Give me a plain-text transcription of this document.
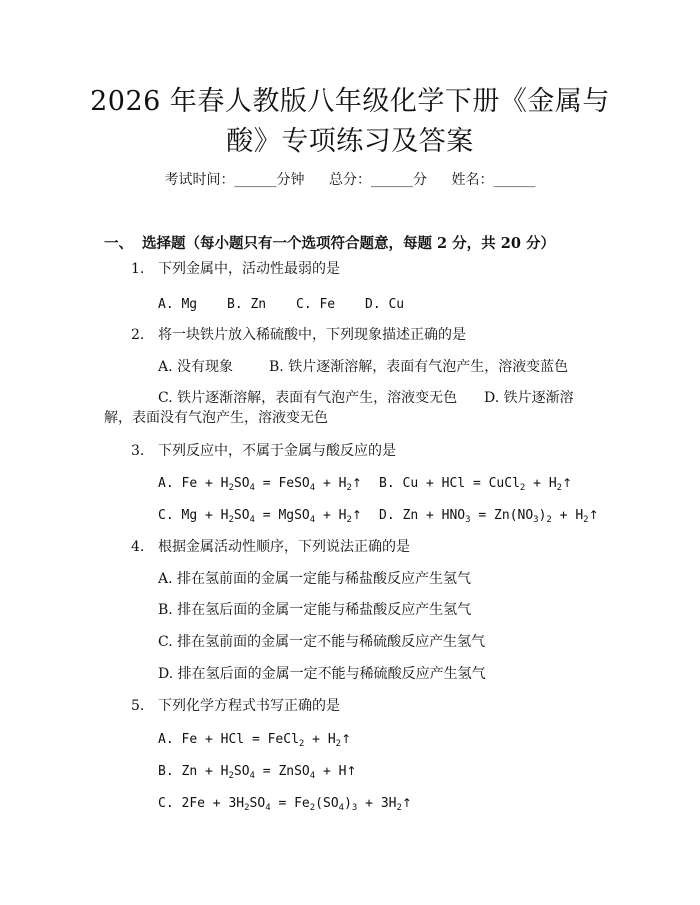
2026 年春人教版八年级化学下册《金属与
酸》专项练习及答案
考试时间：______分钟 总分：______分 姓名：______
一、 选择题（每小题只有一个选项符合题意，每题 2 分，共 20 分）
1. 下列金属中，活动性最弱的是
A. Mg B. Zn C. Fe D. Cu
2. 将一块铁片放入稀硫酸中，下列现象描述正确的是
A. 没有现象	B. 铁片逐渐溶解，表面有气泡产生，溶液变蓝色
C. 铁片逐渐溶解，表面有气泡产生，溶液变无色 D. 铁片逐渐溶
解，表面没有气泡产生，溶液变无色
3. 下列反应中，不属于金属与酸反应的是
A. $Fe + H_2SO_4$ = FeSO$_4$ + $H_2↑$ B. Cu + HCl = CuCl$_2$ + $H_2↑$
C. $Mg + H_2SO_4$ = MgSO$_4$ + $H_2↑$ D. $Zn + HNO_3 = Zn(NO_3)_2$ + $H_2↑$
4. 根据金属活动性顺序，下列说法正确的是
A. 排在氢前面的金属一定能与稀盐酸反应产生氢气
B. 排在氢后面的金属一定能与稀盐酸反应产生氢气
C. 排在氢前面的金属一定不能与稀硫酸反应产生氢气
D. 排在氢后面的金属一定不能与稀硫酸反应产生氢气
5. 下列化学方程式书写正确的是
A. Fe + HCl = FeCl$_2$ + $H_2↑$
B. $Zn + H_2SO_4$ = ZnSO$_4$ + H↑
C. $2Fe + 3H_2SO_4 = Fe_2(SO_4)_3$ + $3H_2↑$
